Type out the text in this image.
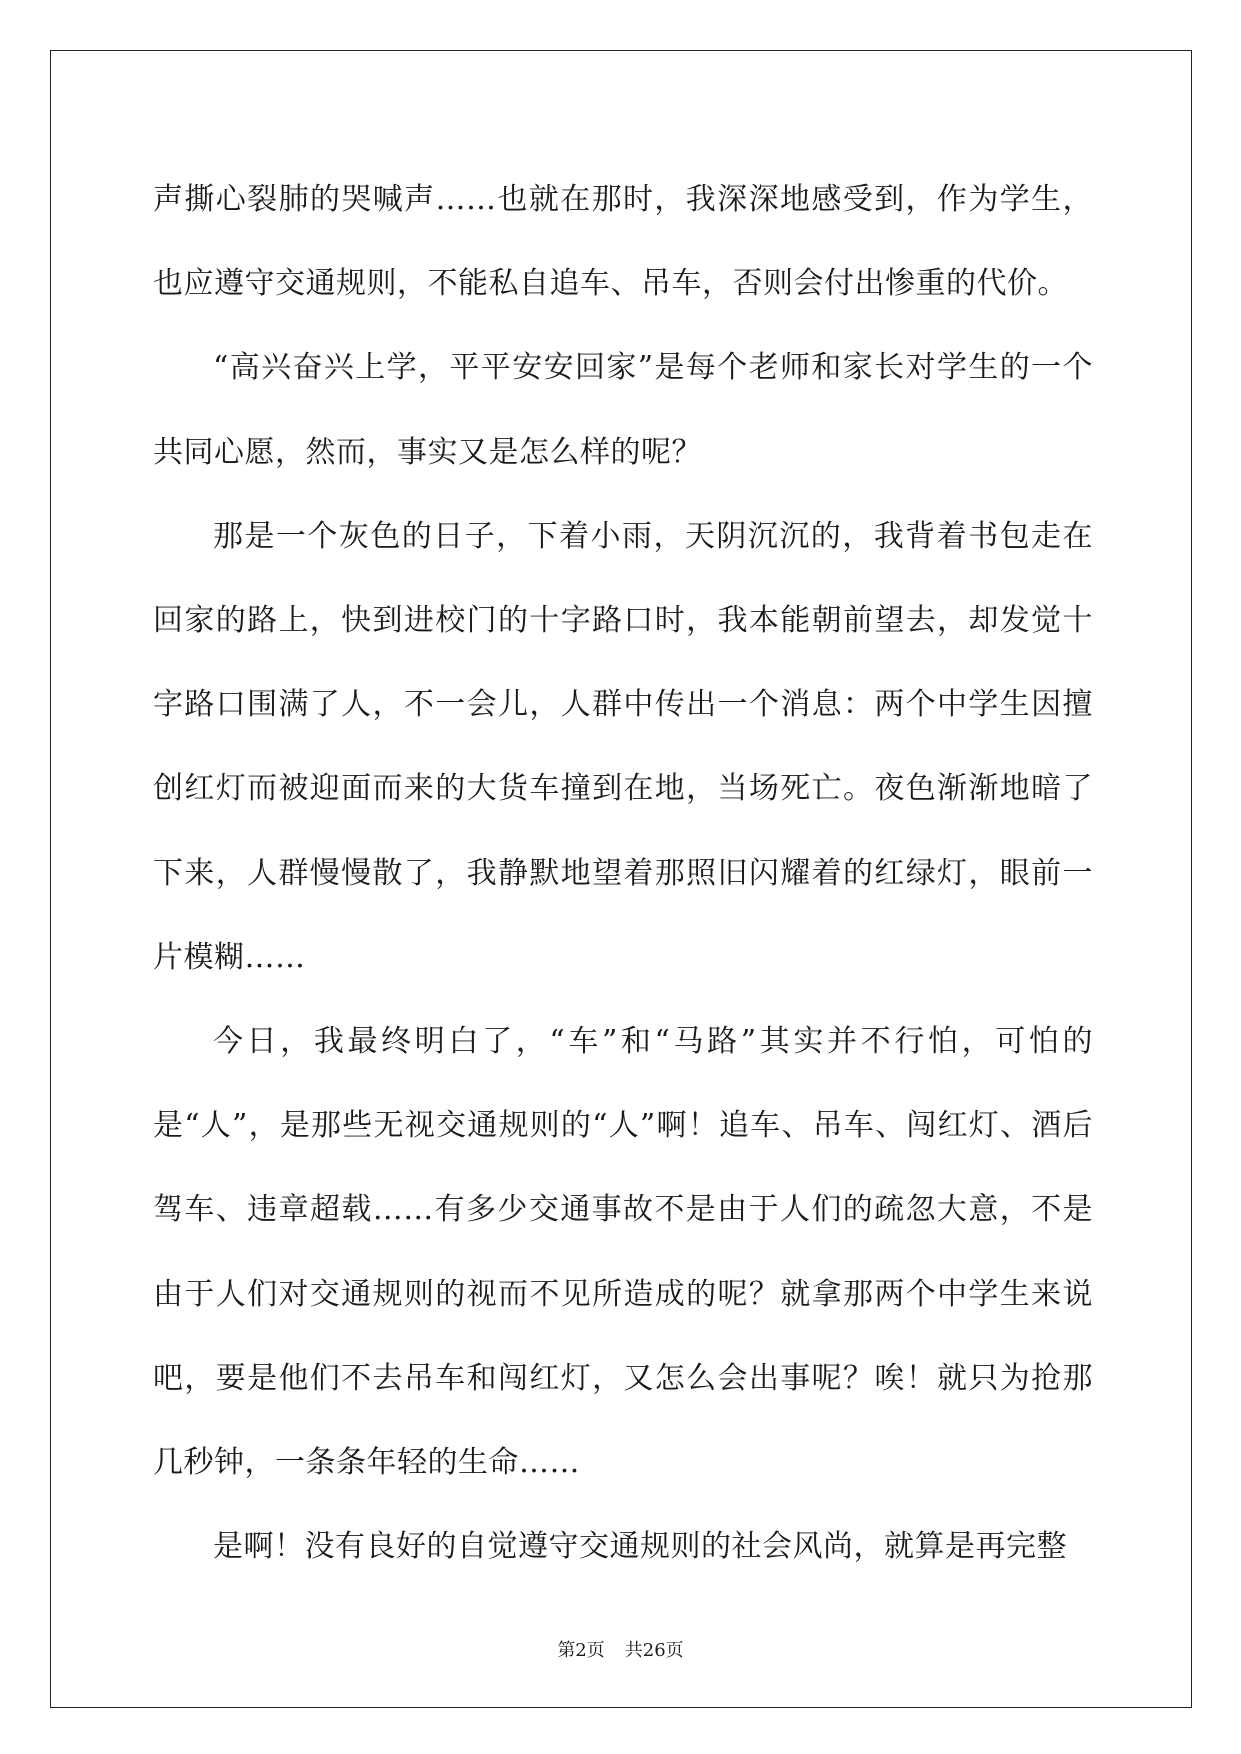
声撕心裂肺的哭喊声……也就在那时，我深深地感受到，作为学生，也应遵守交通规则，不能私自追车、吊车，否则会付出惨重的代价。

“高兴奋兴上学，平平安安回家”是每个老师和家长对学生的一个共同心愿，然而，事实又是怎么样的呢？

那是一个灰色的日子，下着小雨，天阴沉沉的，我背着书包走在回家的路上，快到进校门的十字路口时，我本能朝前望去，却发觉十字路口围满了人，不一会儿，人群中传出一个消息：两个中学生因擅创红灯而被迎面而来的大货车撞到在地，当场死亡。夜色渐渐地暗了下来，人群慢慢散了，我静默地望着那照旧闪耀着的红绿灯，眼前一片模糊……

今日，我最终明白了，“车”和“马路”其实并不行怕，可怕的是“人”，是那些无视交通规则的“人”啊！追车、吊车、闯红灯、酒后驾车、违章超载……有多少交通事故不是由于人们的疏忽大意，不是由于人们对交通规则的视而不见所造成的呢？就拿那两个中学生来说吧，要是他们不去吊车和闯红灯，又怎么会出事呢？唉！就只为抢那几秒钟，一条条年轻的生命……

是啊！没有良好的自觉遵守交通规则的社会风尚，就算是再完整

第2页 共26页
